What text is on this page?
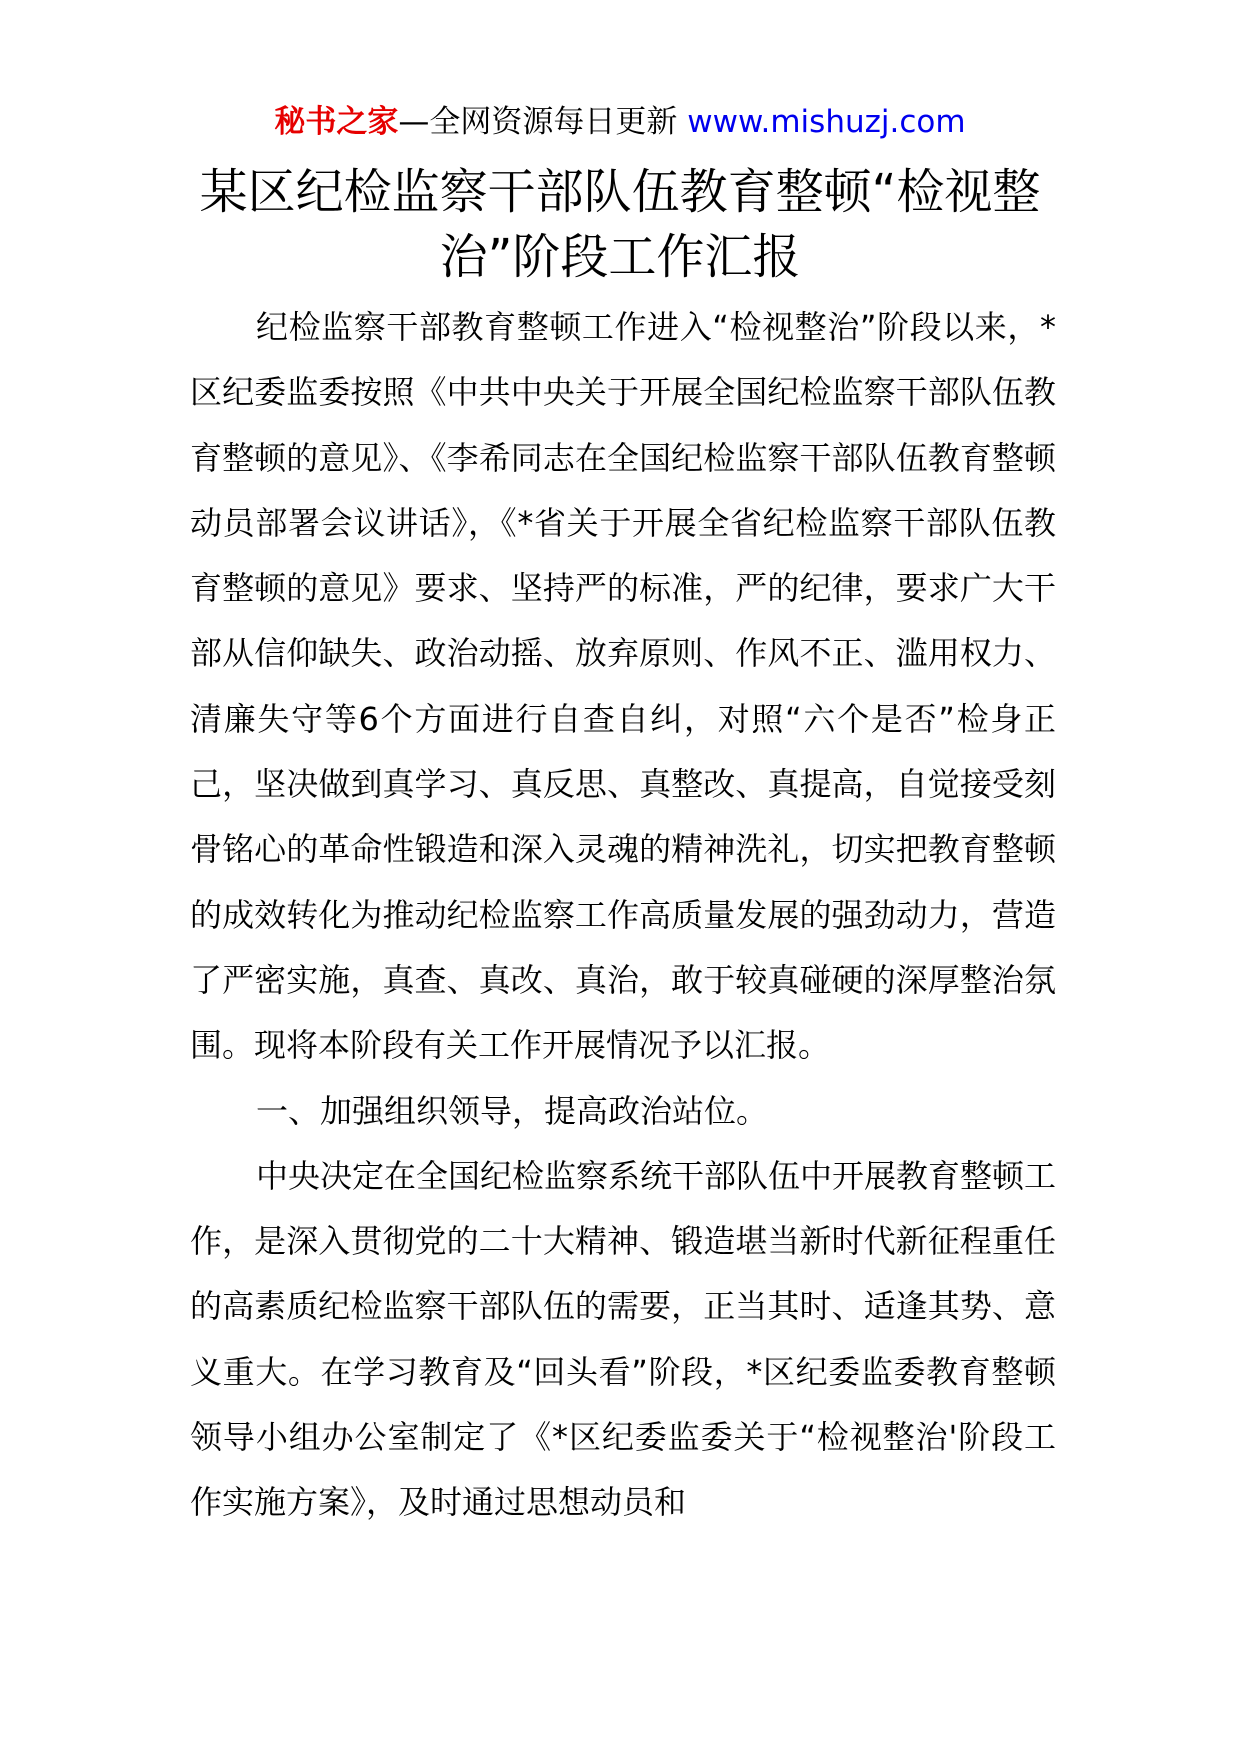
秘书之家—全网资源每日更新 www.mishuzj.com
某区纪检监察干部队伍教育整顿“检视整治”阶段工作汇报

纪检监察干部教育整顿工作进入“检视整治”阶段以来，*区纪委监委按照《中共中央关于开展全国纪检监察干部队伍教育整顿的意见》、《李希同志在全国纪检监察干部队伍教育整顿动员部署会议讲话》，《*省关于开展全省纪检监察干部队伍教育整顿的意见》要求、坚持严的标准，严的纪律，要求广大干部从信仰缺失、政治动摇、放弃原则、作风不正、滥用权力、清廉失守等6个方面进行自查自纠，对照“六个是否”检身正己，坚决做到真学习、真反思、真整改、真提高，自觉接受刻骨铭心的革命性锻造和深入灵魂的精神洗礼，切实把教育整顿的成效转化为推动纪检监察工作高质量发展的强劲动力，营造了严密实施，真查、真改、真治，敢于较真碰硬的深厚整治氛围。现将本阶段有关工作开展情况予以汇报。

一、加强组织领导，提高政治站位。

中央决定在全国纪检监察系统干部队伍中开展教育整顿工作，是深入贯彻党的二十大精神、锻造堪当新时代新征程重任的高素质纪检监察干部队伍的需要，正当其时、适逢其势、意义重大。在学习教育及“回头看”阶段，*区纪委监委教育整顿领导小组办公室制定了《*区纪委监委关于“检视整治'阶段工作实施方案》，及时通过思想动员和
